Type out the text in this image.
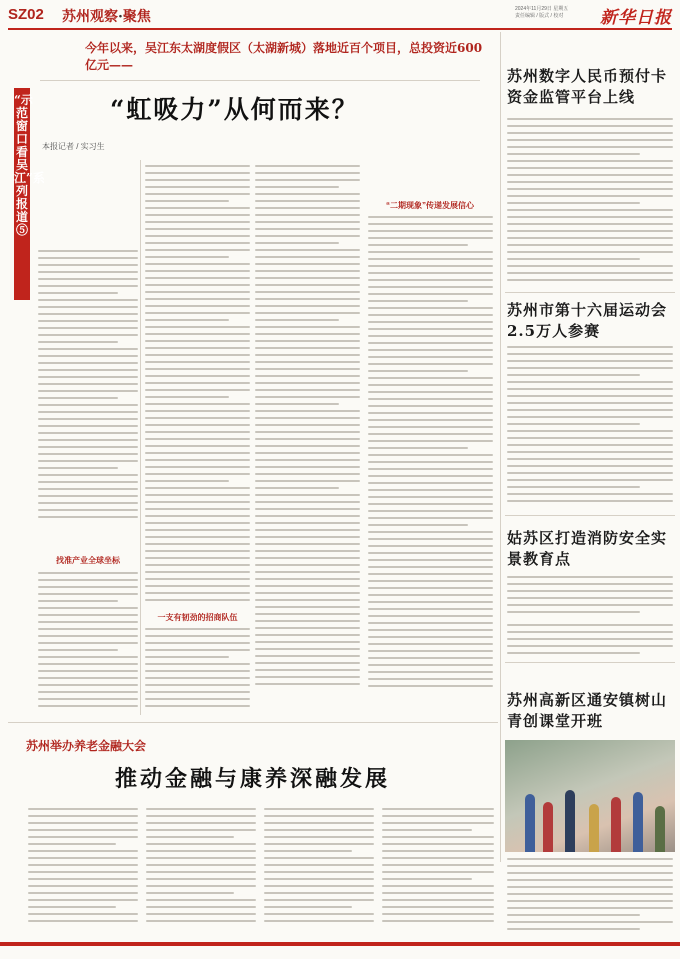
SZ02 苏州观察·聚焦	2024年11月29日 星期五
责任编辑 / 版式 / 校对 新华日报
今年以来，吴江东太湖度假区（太湖新城）落地近百个项目，总投资近600亿元——
“虹吸力”从何而来？
本报记者 / 实习生
“示范窗口看吴江”系列报道⑤
找准产业全球坐标
一支有韧劲的招商队伍
“二期现象”传递发展信心
苏州数字人民币预付卡资金监管平台上线
苏州市第十六届运动会2.5万人参赛
姑苏区打造消防安全实景教育点
苏州高新区通安镇树山青创课堂开班
苏州举办养老金融大会
推动金融与康养深融发展
